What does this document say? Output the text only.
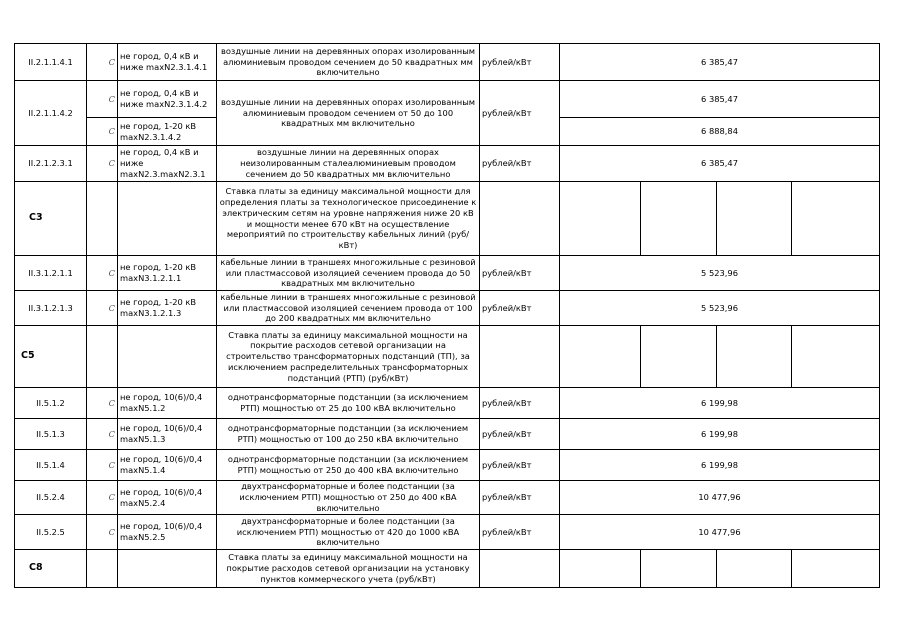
II.2.1.1.4.1	C	не город, 0,4 кВ и ниже maxN2.3.1.4.1	воздушные линии на деревянных опорах изолированным алюминиевым проводом сечением до 50 квадратных мм включительно	рублей/кВт	6 385,47			
II.2.1.1.4.2	C	не город, 0,4 кВ и ниже maxN2.3.1.4.2	воздушные линии на деревянных опорах изолированным алюминиевым проводом сечением от 50 до 100 квадратных мм включительно	рублей/кВт	6 385,47			
	C	не город, 1-20 кВ maxN2.3.1.4.2			6 888,84			
II.2.1.2.3.1	C	не город, 0,4 кВ и ниже maxN2.3.maxN2.3.1	воздушные линии на деревянных опорах неизолированным сталеалюминиевым проводом сечением до 50 квадратных мм включительно	рублей/кВт	6 385,47			
C3			Ставка платы за единицу максимальной мощности для определения платы за технологическое присоединение к электрическим сетям на уровне напряжения ниже 20 кВ и мощности менее 670 кВт на осуществление мероприятий по строительству кабельных линий (руб/кВт)					
II.3.1.2.1.1	C	не город, 1-20 кВ maxN3.1.2.1.1	кабельные линии в траншеях многожильные с резиновой или пластмассовой изоляцией сечением провода до 50 квадратных мм включительно	рублей/кВт	5 523,96			
II.3.1.2.1.3	C	не город, 1-20 кВ maxN3.1.2.1.3	кабельные линии в траншеях многожильные с резиновой или пластмассовой изоляцией сечением провода от 100 до 200 квадратных мм включительно	рублей/кВт	5 523,96			
C5			Ставка платы за единицу максимальной мощности на покрытие расходов сетевой организации на строительство трансформаторных подстанций (ТП), за исключением распределительных транcформаторных подстанций (РТП) (руб/кВт)					
II.5.1.2	C	не город, 10(6)/0,4 maxN5.1.2	однотрансформаторные подстанции (за исключением РТП) мощностью от 25 до 100 кВА включительно	рублей/кВт	6 199,98			
II.5.1.3	C	не город, 10(6)/0,4 maxN5.1.3	однотрансформаторные подстанции (за исключением РТП) мощностью от 100 до 250 кВА включительно	рублей/кВт	6 199,98			
II.5.1.4	C	не город, 10(6)/0,4 maxN5.1.4	однотрансформаторные подстанции (за исключением РТП) мощностью от 250 до 400 кВА включительно	рублей/кВт	6 199,98			
II.5.2.4	C	не город, 10(6)/0,4 maxN5.2.4	двухтрансформаторные и более подстанции (за исключением РТП) мощностью от 250 до 400 кВА включительно	рублей/кВт	10 477,96			
II.5.2.5	C	не город, 10(6)/0,4 maxN5.2.5	двухтрансформаторные и более подстанции (за исключением РТП) мощностью от 420 до 1000 кВА включительно	рублей/кВт	10 477,96			
C8			Ставка платы за единицу максимальной мощности на покрытие расходов сетевой организации на установку пунктов коммерческого учета (руб/кВт)					
